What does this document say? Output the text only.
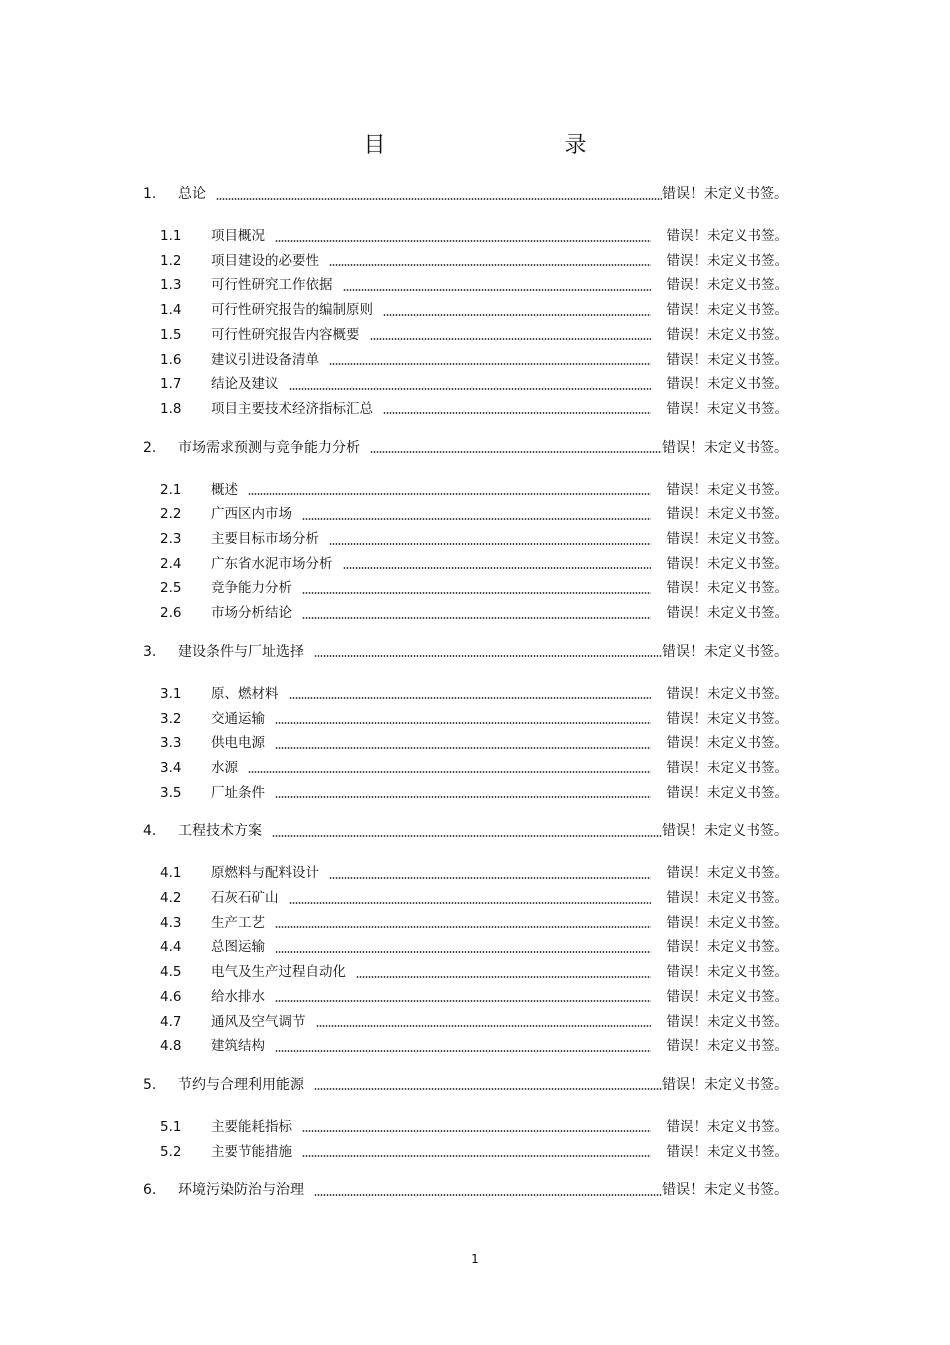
目 录
1.	总论	错误！未定义书签。
1.1	项目概况	错误！未定义书签。
1.2	项目建设的必要性	错误！未定义书签。
1.3	可行性研究工作依据	错误！未定义书签。
1.4	可行性研究报告的编制原则	错误！未定义书签。
1.5	可行性研究报告内容概要	错误！未定义书签。
1.6	建议引进设备清单	错误！未定义书签。
1.7	结论及建议	错误！未定义书签。
1.8	项目主要技术经济指标汇总	错误！未定义书签。
2.	市场需求预测与竞争能力分析	错误！未定义书签。
2.1	概述	错误！未定义书签。
2.2	广西区内市场	错误！未定义书签。
2.3	主要目标市场分析	错误！未定义书签。
2.4	广东省水泥市场分析	错误！未定义书签。
2.5	竞争能力分析	错误！未定义书签。
2.6	市场分析结论	错误！未定义书签。
3.	建设条件与厂址选择	错误！未定义书签。
3.1	原、燃材料	错误！未定义书签。
3.2	交通运输	错误！未定义书签。
3.3	供电电源	错误！未定义书签。
3.4	水源	错误！未定义书签。
3.5	厂址条件	错误！未定义书签。
4.	工程技术方案	错误！未定义书签。
4.1	原燃料与配料设计	错误！未定义书签。
4.2	石灰石矿山	错误！未定义书签。
4.3	生产工艺	错误！未定义书签。
4.4	总图运输	错误！未定义书签。
4.5	电气及生产过程自动化	错误！未定义书签。
4.6	给水排水	错误！未定义书签。
4.7	通风及空气调节	错误！未定义书签。
4.8	建筑结构	错误！未定义书签。
5.	节约与合理利用能源	错误！未定义书签。
5.1	主要能耗指标	错误！未定义书签。
5.2	主要节能措施	错误！未定义书签。
6.	环境污染防治与治理	错误！未定义书签。
1
